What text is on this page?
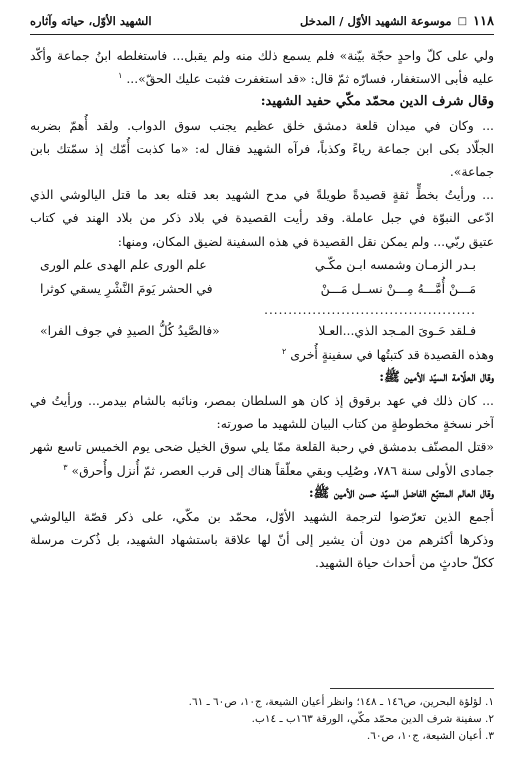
١١٨
□
موسوعة الشهيد الأوّل / المدخل
الشهيد الأوّل، حياته وآثاره
ولي على كلّ واحدٍ حجّة بيّنة» فلم يسمع ذلك منه ولم يقبل... فاستغلطه ابنُ جماعة وأكّد
عليه فأبى الاستغفار، فسارّه ثمّ قال: «قد استغفرت فثبت عليك الحقّ»... $^١$
وقال شرف الدين محمّد مكّي حفيد الشهيد:
... وكان في ميدان قلعة دمشق خلق عظيم يجنب سوق الدواب. ولقد أُهمّ بضربه
الجلّاد بكى ابن جماعة رياءً وكذباً، فرآه الشهيد فقال له: «ما كذبت أُمّك إذ سمّتك بابن
جماعة».
... ورأيتُ بخطٍّ ثقةٍ قصيدةً طويلةً في مدح الشهيد بعد قتله بعد ما قتل اليالوشي الذي
ادّعى النبوّة في جبل عاملة. وقد رأيت القصيدة في بلاد ذكر من بلاد الهند في كتاب
عتيق ربّي... ولم يمكن نقل القصيدة في هذه السفينة لضيق المكان، ومنها:
بـدر الزمـان وشمسه ابـن مكّـي
علم الورى علم الهدى علم الورى
مَـــنْ أُمَّـــهُ مِـــنْ نســل مَـــنْ
في الحشر يَومَ النَّشْرِ يسقي كوثرا
............................................
فـلقد حَـوىَ المـجد الذي...العـلا
«فالصَّيدُ كُلُّ الصيدِ في جوف الفرا»
وهذه القصيدة قد كتبتُها في سفينةٍ أُخرى $^٢$
وقال العلّامة السيّد الأمين ﷺ:
... كان ذلك في عهد برقوق إذ كان هو السلطان بمصر، ونائبه بالشام بيدمر... ورأيتُ في
آخر نسخةٍ مخطوطةٍ من كتاب البيان للشهيد ما صورته:
«قتل المصنّف بدمشق في رحبة القلعة ممّا يلي سوق الخيل ضحى يوم الخميس تاسع شهر
جمادى الأولى سنة ٧٨٦، وصُلِب وبقي معلّقاً هناك إلى قرب العصر، ثمّ أُنزل وأُحرق» $^٣$
وقال العالم المتتبّع الفاضل السيّد حسن الأمين ﷺ:
أجمع الذين تعرّضوا لترجمة الشهيد الأوّل، محمّد بن مكّي، على ذكر قصّة اليالوشي
وذكرها أكثرهم من دون أن يشير إلى أنّ لها علاقة باستشهاد الشهيد، بل ذُكرت مرسلة
ككلّ حادثٍ من أحداث حياة الشهيد.
١. لؤلؤة البحرين، ص١٤٦ ـ ١٤٨؛ وانظر أعيان الشيعة، ج١٠، ص٦٠ ـ ٦١.
٢. سفينة شرف الدين محمّد مكّي، الورقة ١٦٣ب ـ ١٤ب.
٣. أعيان الشيعة، ج١٠، ص٦٠.
